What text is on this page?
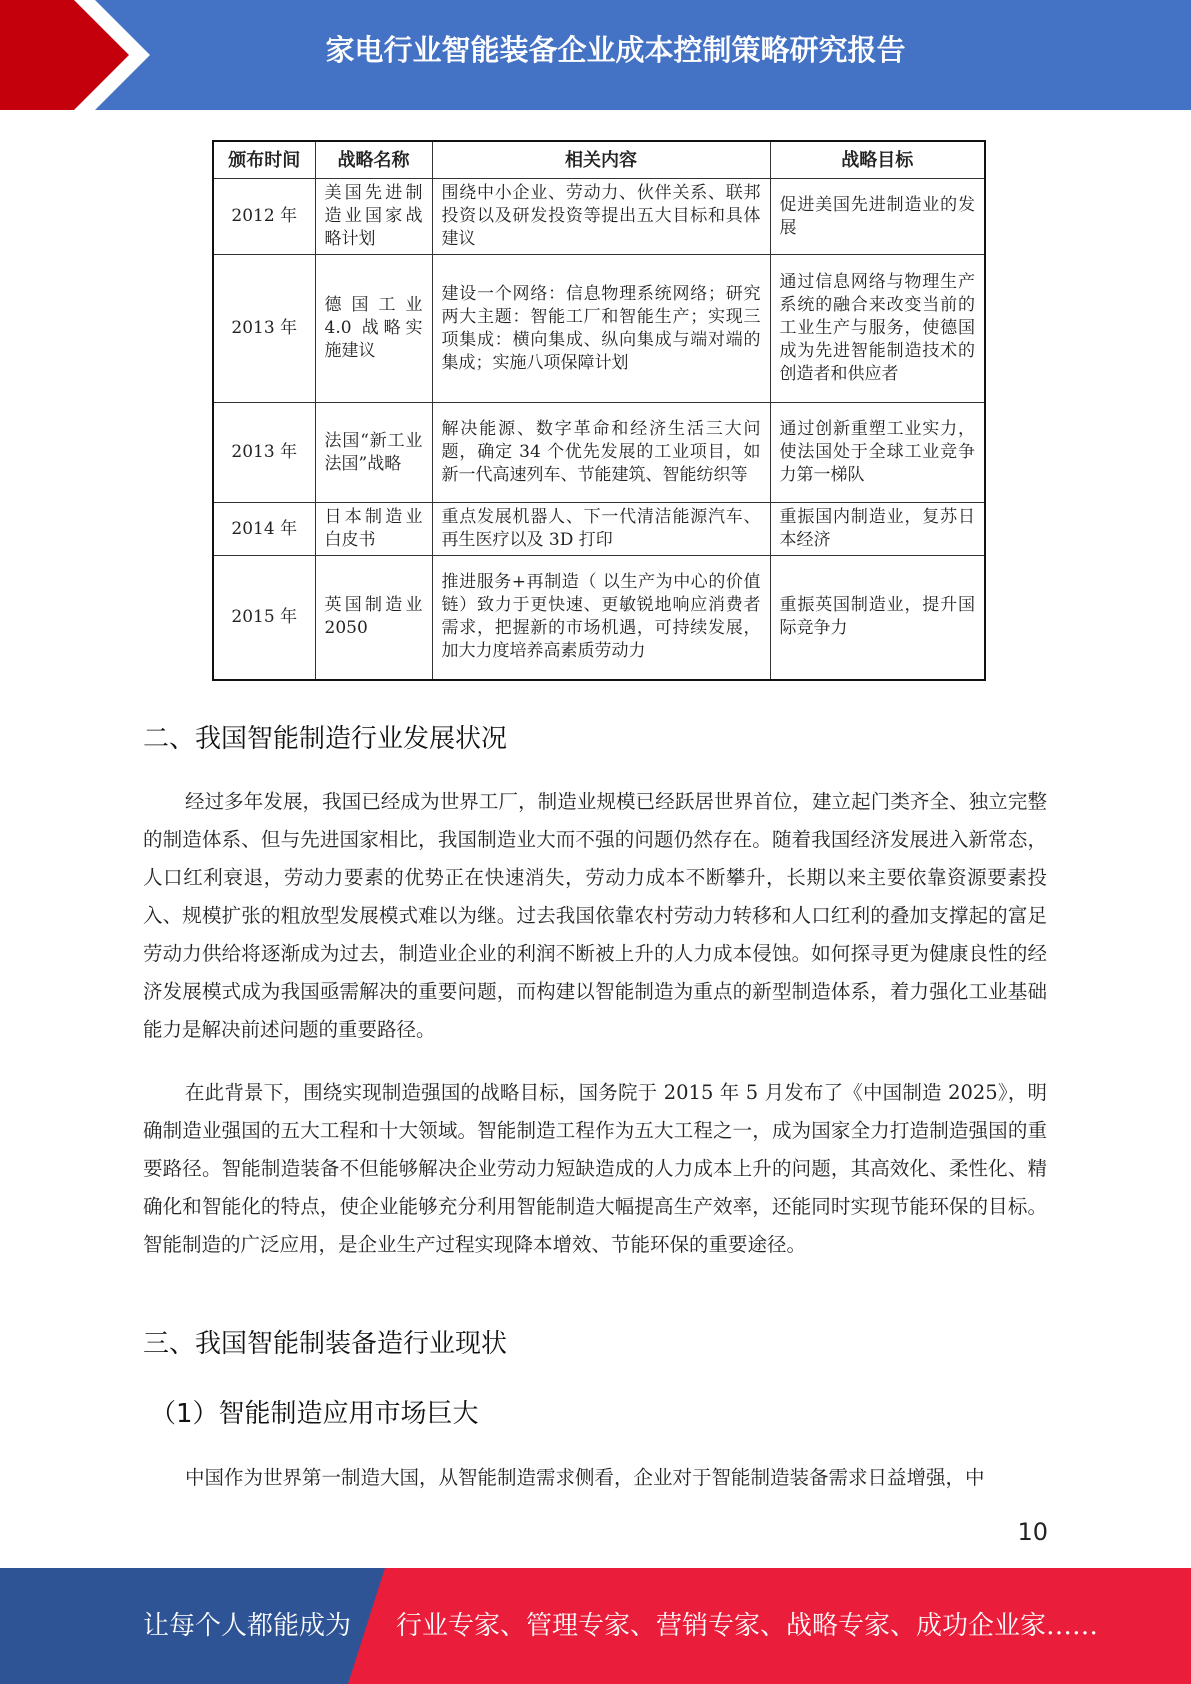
家电行业智能装备企业成本控制策略研究报告
颁布时间	战略名称	相关内容	战略目标
2012 年	美国先进制造业国家战略计划	围绕中小企业、劳动力、伙伴关系、联邦投资以及研发投资等提出五大目标和具体建议	促进美国先进制造业的发展
2013 年	德国工业 4.0 战略实施建议	建设一个网络：信息物理系统网络；研究两大主题：智能工厂和智能生产；实现三项集成：横向集成、纵向集成与端对端的集成；实施八项保障计划	通过信息网络与物理生产系统的融合来改变当前的工业生产与服务，使德国成为先进智能制造技术的创造者和供应者
2013 年	法国“新工业法国”战略	解决能源、数字革命和经济生活三大问题，确定 34 个优先发展的工业项目，如新一代高速列车、节能建筑、智能纺织等	通过创新重塑工业实力，使法国处于全球工业竞争力第一梯队
2014 年	日本制造业白皮书	重点发展机器人、下一代清洁能源汽车、再生医疗以及 3D 打印	重振国内制造业，复苏日本经济
2015 年	英国制造业 2050	推进服务+再制造（ 以生产为中心的价值链）致力于更快速、更敏锐地响应消费者需求，把握新的市场机遇，可持续发展， 加大力度培养高素质劳动力	重振英国制造业，提升国际竞争力
二、我国智能制造行业发展状况

经过多年发展，我国已经成为世界工厂，制造业规模已经跃居世界首位，建立起门类齐全、独立完整的制造体系、但与先进国家相比，我国制造业大而不强的问题仍然存在。随着我国经济发展进入新常态，人口红利衰退，劳动力要素的优势正在快速消失，劳动力成本不断攀升，长期以来主要依靠资源要素投入、规模扩张的粗放型发展模式难以为继。过去我国依靠农村劳动力转移和人口红利的叠加支撑起的富足劳动力供给将逐渐成为过去，制造业企业的利润不断被上升的人力成本侵蚀。如何探寻更为健康良性的经济发展模式成为我国亟需解决的重要问题，而构建以智能制造为重点的新型制造体系，着力强化工业基础能力是解决前述问题的重要路径。

在此背景下，围绕实现制造强国的战略目标，国务院于 2015 年 5 月发布了《中国制造 2025》，明确制造业强国的五大工程和十大领域。智能制造工程作为五大工程之一，成为国家全力打造制造强国的重要路径。智能制造装备不但能够解决企业劳动力短缺造成的人力成本上升的问题，其高效化、柔性化、精确化和智能化的特点，使企业能够充分利用智能制造大幅提高生产效率，还能同时实现节能环保的目标。智能制造的广泛应用，是企业生产过程实现降本增效、节能环保的重要途径。

三、我国智能制装备造行业现状
（1）智能制造应用市场巨大

中国作为世界第一制造大国，从智能制造需求侧看，企业对于智能制造装备需求日益增强，中

10
让每个人都能成为 行业专家、管理专家、营销专家、战略专家、成功企业家……
